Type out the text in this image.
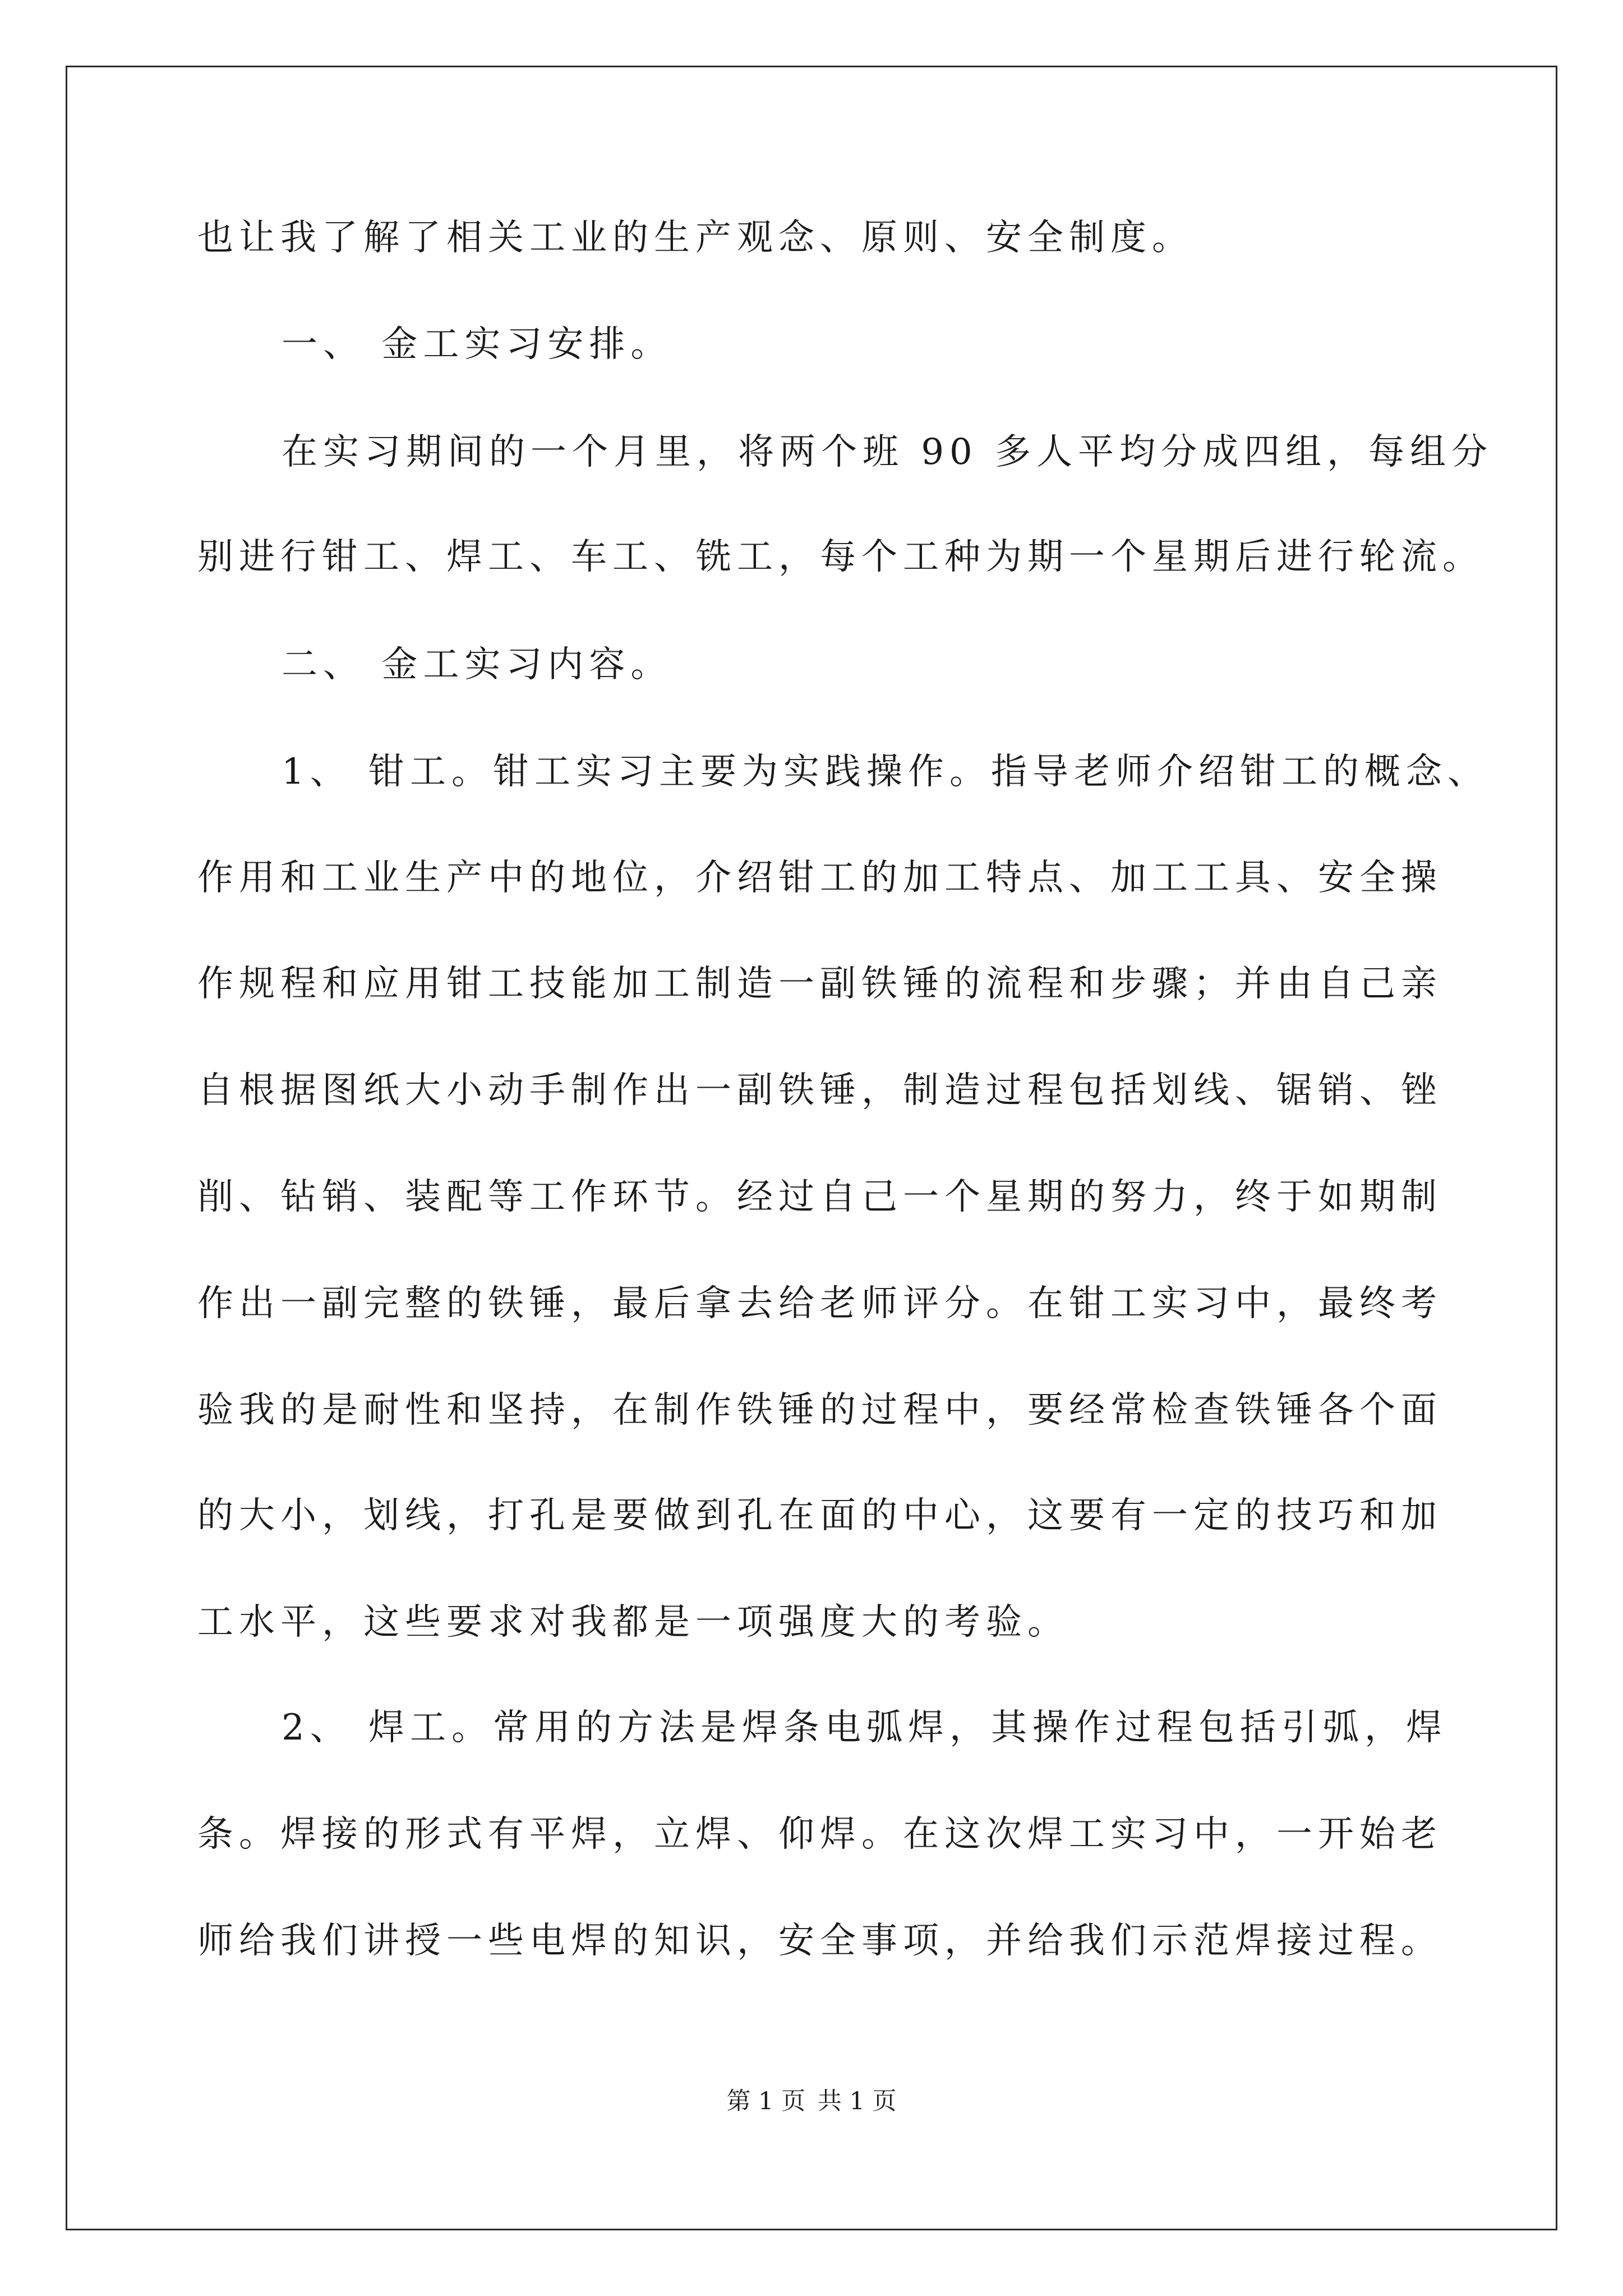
也让我了解了相关工业的生产观念、原则、安全制度。
一、 金工实习安排。
在实习期间的一个月里，将两个班 90 多人平均分成四组，每组分
别进行钳工、焊工、车工、铣工，每个工种为期一个星期后进行轮流。
二、 金工实习内容。
1、 钳工。钳工实习主要为实践操作。指导老师介绍钳工的概念、
作用和工业生产中的地位，介绍钳工的加工特点、加工工具、安全操
作规程和应用钳工技能加工制造一副铁锤的流程和步骤；并由自己亲
自根据图纸大小动手制作出一副铁锤，制造过程包括划线、锯销、锉
削、钻销、装配等工作环节。经过自己一个星期的努力，终于如期制
作出一副完整的铁锤，最后拿去给老师评分。在钳工实习中，最终考
验我的是耐性和坚持，在制作铁锤的过程中，要经常检查铁锤各个面
的大小，划线，打孔是要做到孔在面的中心，这要有一定的技巧和加
工水平，这些要求对我都是一项强度大的考验。
2、 焊工。常用的方法是焊条电弧焊，其操作过程包括引弧，焊
条。焊接的形式有平焊，立焊、仰焊。在这次焊工实习中，一开始老
师给我们讲授一些电焊的知识，安全事项，并给我们示范焊接过程。
第 1 页 共 1 页
